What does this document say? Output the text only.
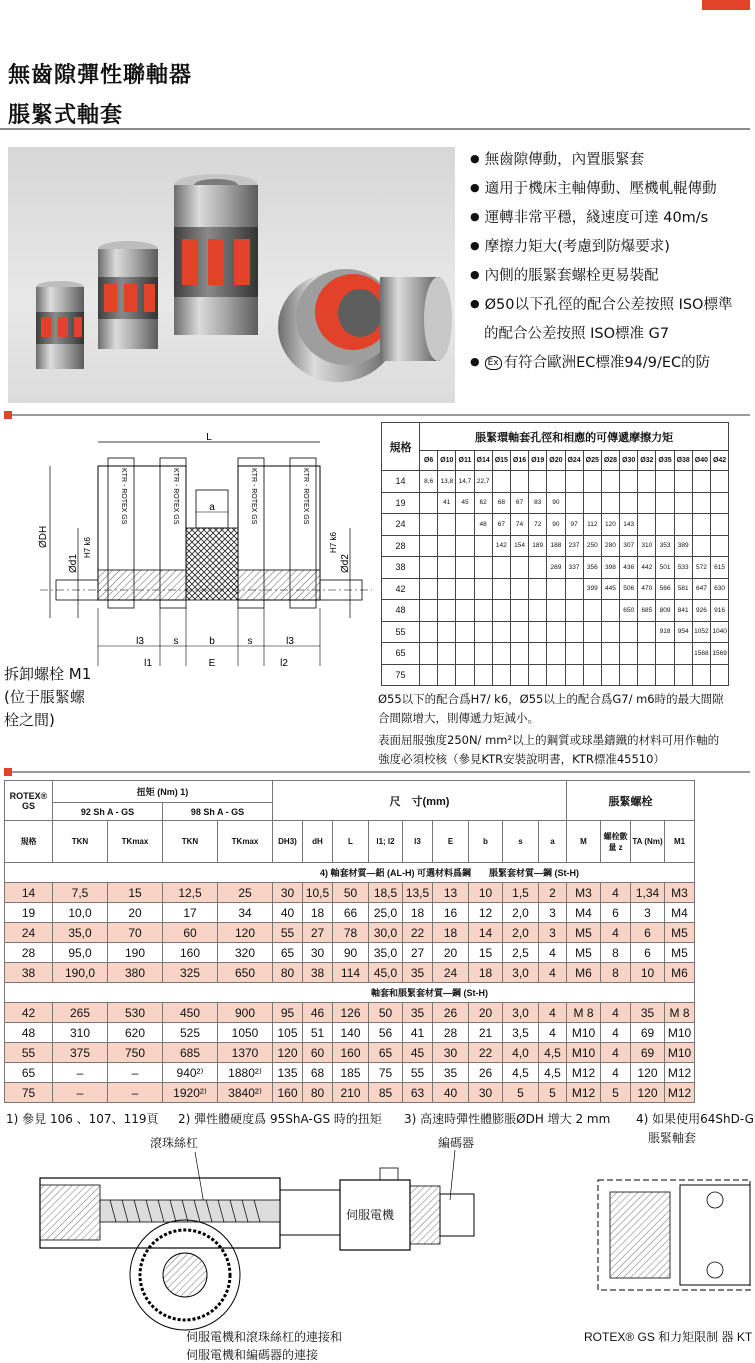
無齒隙彈性聯軸器
脹緊式軸套
● 無齒隙傳動，內置脹緊套
● 適用于機床主軸傳動、壓機軋輥傳動
● 運轉非常平穩，綫速度可達 40m/s
● 摩擦力矩大(考慮到防爆要求)
● 內側的脹緊套螺栓更易裝配
● Ø50以下孔徑的配合公差按照 ISO標準
的配合公差按照 ISO標准 G7
● Ex 有符合歐洲EC標准94/9/EC的防
L
KTR - ROTEX GS	KTR - ROTEX GS	KTR - ROTEX GS	KTR - ROTEX GS
a
ØDH
Ød1
H7 k6
Ød2
H7 k6
l3	s	b	s	l3
l1	E	l2
拆卸螺栓 M1
(位于脹緊螺
栓之間)
規格	脹緊環軸套孔徑和相應的可傳遞摩擦力矩																
	Ø6	Ø10	Ø11	Ø14	Ø15	Ø16	Ø19	Ø20	Ø24	Ø25	Ø28	Ø30	Ø32	Ø35	Ø38	Ø40	Ø42
14	8,6	13,8	14,7	22,7													
19		41	45	62	68	67	83	90									
24				48	67	74	72	90	97	112	120	143					
28					142	154	189	188	237	250	280	307	310	353	389		
38								269	337	356	398	436	442	501	533	572	615
42										399	445	506	470	566	581	647	630
48												650	685	809	841	926	916
55														918	954	1052	1040
65																1568	1569
75																	
Ø55以下的配合爲H7/ k6，Ø55以上的配合爲G7/ m6時的最大間隙
合間隙增大，則傳遞力矩減小。
表面屈服強度250N/ mm²以上的鋼質或球墨鑄鐵的材料可用作軸的
強度必須校核（參見KTR安裝說明書，KTR標准45510）
ROTEX® GS	扭矩 (Nm) 1)				尺　寸(mm)									脹緊螺栓			
	92 Sh A - GS		98 Sh A - GS														
規格	TKN	TKmax	TKN	TKmax	DH3)	dH	L	l1; l2	l3	E	b	s	a	M	螺栓數量 z	TA (Nm)	M1
4) 軸套材質—鋁 (AL-H) 可選材料爲鋼　　脹緊套材質—鋼 (St-H)																	
14	7,5	15	12,5	25	30	10,5	50	18,5	13,5	13	10	1,5	2	M3	4	1,34	M3
19	10,0	20	17	34	40	18	66	25,0	18	16	12	2,0	3	M4	6	3	M4
24	35,0	70	60	120	55	27	78	30,0	22	18	14	2,0	3	M5	4	6	M5
28	95,0	190	160	320	65	30	90	35,0	27	20	15	2,5	4	M5	8	6	M5
38	190,0	380	325	650	80	38	114	45,0	35	24	18	3,0	4	M6	8	10	M6
軸套和脹緊套材質—鋼 (St-H)																	
42	265	530	450	900	95	46	126	50	35	26	20	3,0	4	M 8	4	35	M 8
48	310	620	525	1050	105	51	140	56	41	28	21	3,5	4	M10	4	69	M10
55	375	750	685	1370	120	60	160	65	45	30	22	4,0	4,5	M10	4	69	M10
65	–	–	940²⁾	1880²⁾	135	68	185	75	55	35	26	4,5	4,5	M12	4	120	M12
75	–	–	1920²⁾	3840²⁾	160	80	210	85	63	40	30	5	5	M12	5	120	M12
1) 參見 106 、107、119頁 2) 彈性體硬度爲 95ShA-GS 時的扭矩 3) 高速時彈性體膨脹ØDH 增大 2 mm 4) 如果使用64ShD-G
脹緊軸套
滾珠絲杠	編碼器
伺服電機
伺服電機和滾珠絲杠的連接和
伺服電機和編碼器的連接
ROTEX® GS 和力矩限制 器 KT
